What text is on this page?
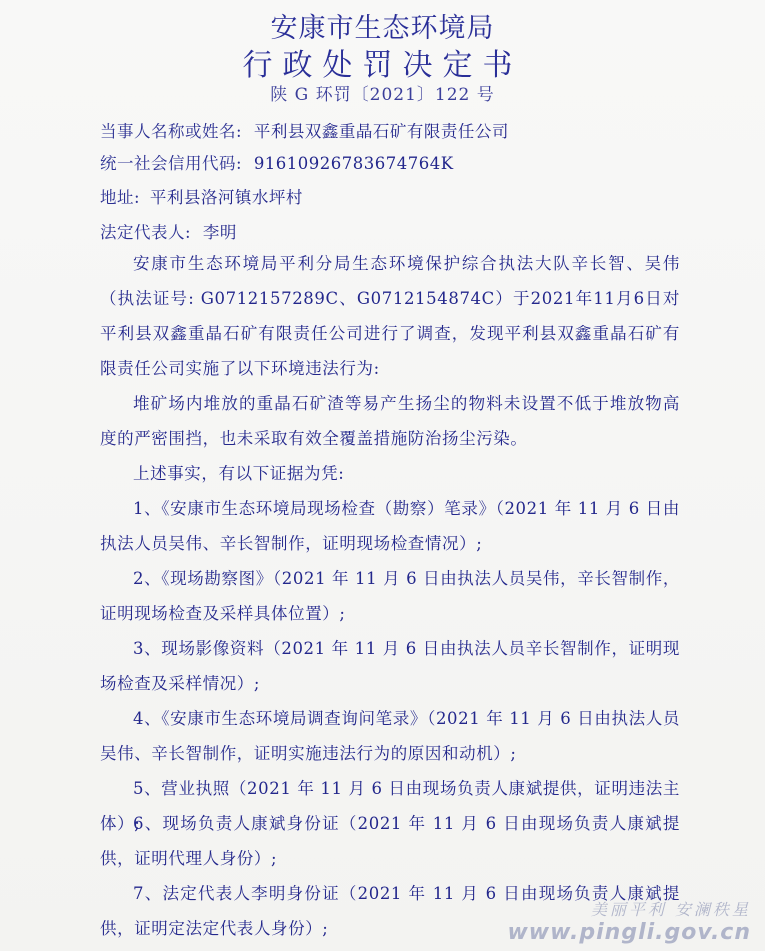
安康市生态环境局
行政处罚决定书
陕 G 环罚〔2021〕122 号
当事人名称或姓名: 平利县双鑫重晶石矿有限责任公司
统一社会信用代码: 91610926783674764K
地址: 平利县洛河镇水坪村
法定代表人: 李明
安康市生态环境局平利分局生态环境保护综合执法大队辛长智、吴伟（执法证号: G0712157289C、G0712154874C）于2021年11月6日对平利县双鑫重晶石矿有限责任公司进行了调查，发现平利县双鑫重晶石矿有限责任公司实施了以下环境违法行为:
堆矿场内堆放的重晶石矿渣等易产生扬尘的物料未设置不低于堆放物高度的严密围挡，也未采取有效全覆盖措施防治扬尘污染。
上述事实，有以下证据为凭:
1、《安康市生态环境局现场检查（勘察）笔录》（2021 年 11 月 6 日由执法人员吴伟、辛长智制作，证明现场检查情况）;
2、《现场勘察图》（2021 年 11 月 6 日由执法人员吴伟，辛长智制作，证明现场检查及采样具体位置）;
3、现场影像资料（2021 年 11 月 6 日由执法人员辛长智制作，证明现场检查及采样情况）;
4、《安康市生态环境局调查询问笔录》（2021 年 11 月 6 日由执法人员吴伟、辛长智制作，证明实施违法行为的原因和动机）;
5、营业执照（2021 年 11 月 6 日由现场负责人康斌提供，证明违法主体）;
6、现场负责人康斌身份证（2021 年 11 月 6 日由现场负责人康斌提供，证明代理人身份）;
7、法定代表人李明身份证（2021 年 11 月 6 日由现场负责人康斌提供，证明定法定代表人身份）;
美丽平利 安澜秩星
www.pingli.gov.cn
